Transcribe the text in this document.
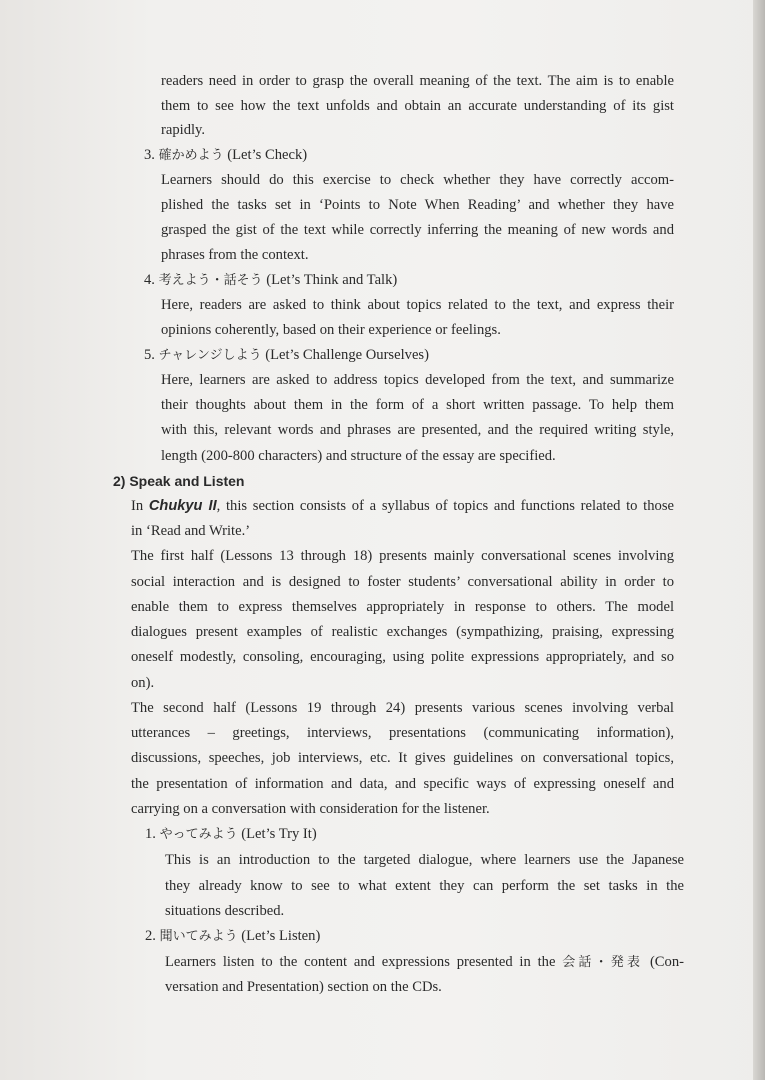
readers need in order to grasp the overall meaning of the text. The aim is to enable
them to see how the text unfolds and obtain an accurate understanding of its gist
rapidly.
3. 確かめよう (Let’s Check)
Learners should do this exercise to check whether they have correctly accom-
plished the tasks set in ‘Points to Note When Reading’ and whether they have
grasped the gist of the text while correctly inferring the meaning of new words and
phrases from the context.
4. 考えよう・話そう (Let’s Think and Talk)
Here, readers are asked to think about topics related to the text, and express their
opinions coherently, based on their experience or feelings.
5. チャレンジしよう (Let’s Challenge Ourselves)
Here, learners are asked to address topics developed from the text, and summarize
their thoughts about them in the form of a short written passage. To help them
with this, relevant words and phrases are presented, and the required writing style,
length (200-800 characters) and structure of the essay are specified.
2) Speak and Listen
In Chukyu II, this section consists of a syllabus of topics and functions related to those
in ‘Read and Write.’
The first half (Lessons 13 through 18) presents mainly conversational scenes involving
social interaction and is designed to foster students’ conversational ability in order to
enable them to express themselves appropriately in response to others. The model
dialogues present examples of realistic exchanges (sympathizing, praising, expressing
oneself modestly, consoling, encouraging, using polite expressions appropriately, and so
on).
The second half (Lessons 19 through 24) presents various scenes involving verbal
utterances – greetings, interviews, presentations (communicating information),
discussions, speeches, job interviews, etc. It gives guidelines on conversational topics,
the presentation of information and data, and specific ways of expressing oneself and
carrying on a conversation with consideration for the listener.
1. やってみよう (Let’s Try It)
This is an introduction to the targeted dialogue, where learners use the Japanese
they already know to see to what extent they can perform the set tasks in the
situations described.
2. 聞いてみよう (Let’s Listen)
Learners listen to the content and expressions presented in the 会話・発表 (Con-
versation and Presentation) section on the CDs.
